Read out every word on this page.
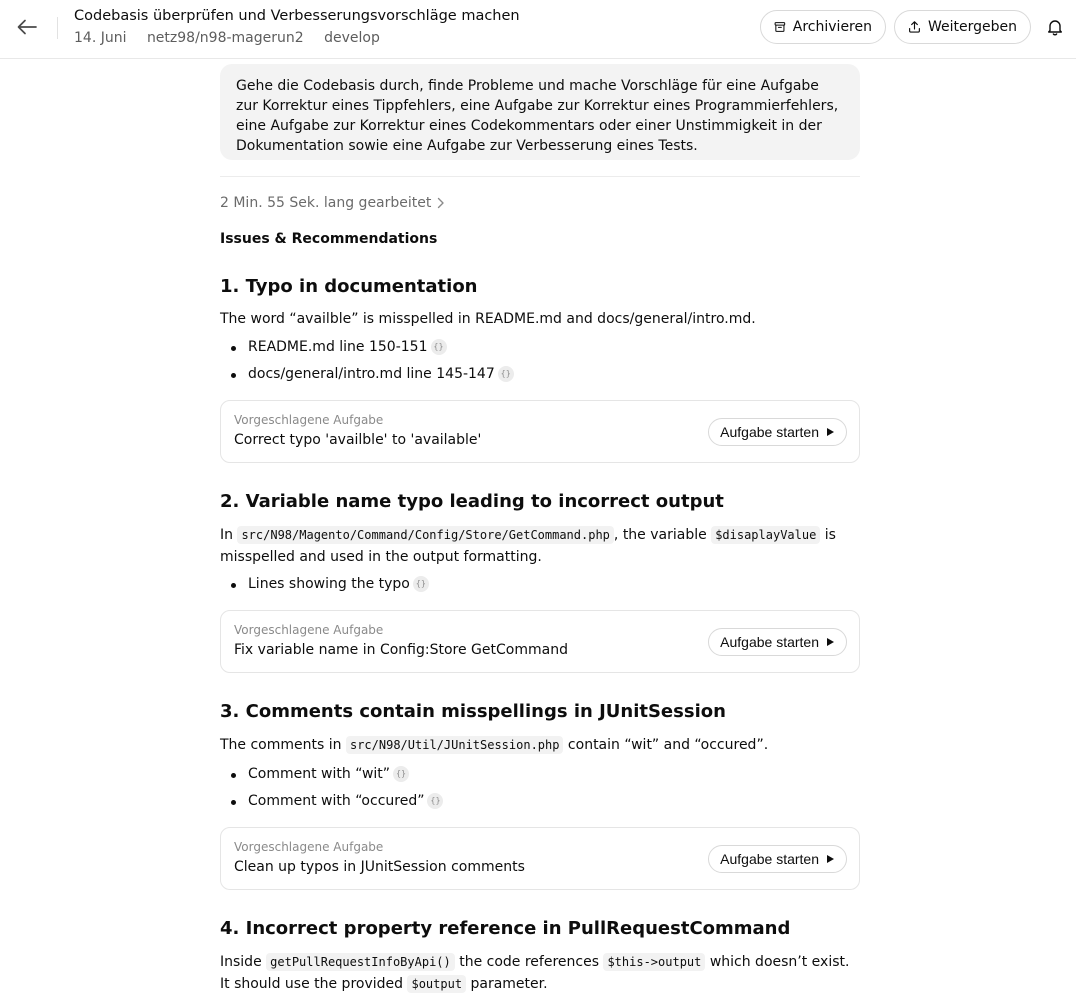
Codebasis überprüfen und Verbesserungsvorschläge machen
14. Juni netz98/n98-magerun2 develop
Archivieren	Weitergeben
Gehe die Codebasis durch, finde Probleme und mache Vorschläge für eine Aufgabe zur Korrektur eines Tippfehlers, eine Aufgabe zur Korrektur eines Programmierfehlers, eine Aufgabe zur Korrektur eines Codekommentars oder einer Unstimmigkeit in der Dokumentation sowie eine Aufgabe zur Verbesserung eines Tests.
2 Min. 55 Sek. lang gearbeitet
Issues & Recommendations
1. Typo in documentation
The word “availble” is misspelled in README.md and docs/general/intro.md.
README.md line 150-151 {}
docs/general/intro.md line 145-147 {}
Vorgeschlagene Aufgabe
Correct typo 'availble' to 'available'	Aufgabe starten
2. Variable name typo leading to incorrect output
In src/N98/Magento/Command/Config/Store/GetCommand.php , the variable $disaplayValue is misspelled and used in the output formatting.
Lines showing the typo {}
Vorgeschlagene Aufgabe
Fix variable name in Config:Store GetCommand	Aufgabe starten
3. Comments contain misspellings in JUnitSession
The comments in src/N98/Util/JUnitSession.php contain “wit” and “occured”.
Comment with “wit” {}
Comment with “occured” {}
Vorgeschlagene Aufgabe
Clean up typos in JUnitSession comments	Aufgabe starten
4. Incorrect property reference in PullRequestCommand
Inside getPullRequestInfoByApi() the code references $this->output which doesn’t exist. It should use the provided $output parameter.
